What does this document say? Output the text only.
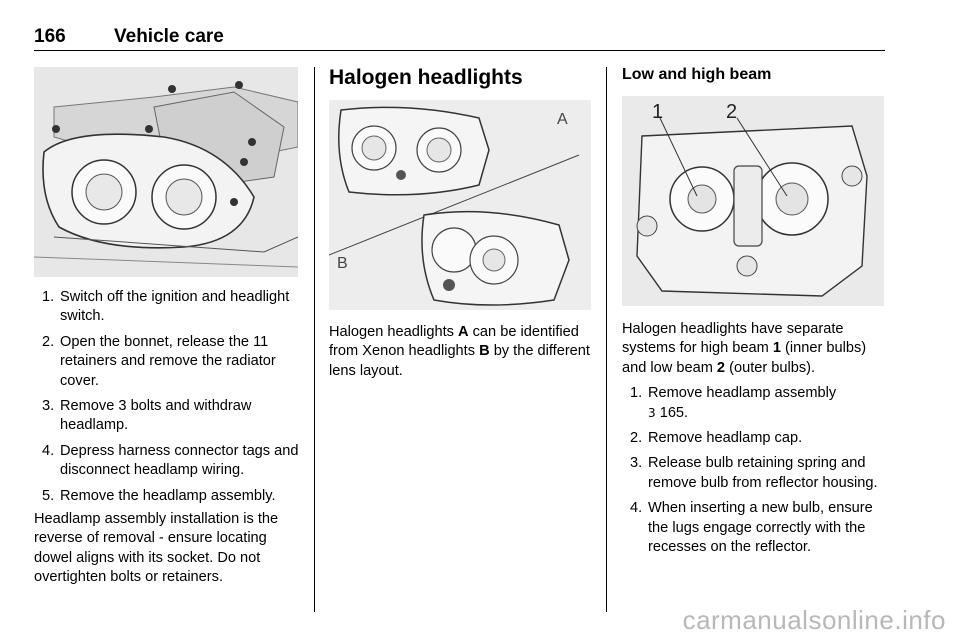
166	Vehicle care
1. Switch off the ignition and headlight switch.
2. Open the bonnet, release the 11 retainers and remove the radiator cover.
3. Remove 3 bolts and withdraw headlamp.
4. Depress harness connector tags and disconnect headlamp wiring.
5. Remove the headlamp assembly.
Headlamp assembly installation is the reverse of removal - ensure locating dowel aligns with its socket. Do not overtighten bolts or retainers.
Halogen headlights
A
B
Halogen headlights A can be identified from Xenon headlights B by the different lens layout.
Low and high beam
1	2
Halogen headlights have separate systems for high beam 1 (inner bulbs) and low beam 2 (outer bulbs).
1. Remove headlamp assembly
3 165.
2. Remove headlamp cap.
3. Release bulb retaining spring and remove bulb from reflector housing.
4. When inserting a new bulb, ensure the lugs engage correctly with the recesses on the reflector.
carmanualsonline.info
